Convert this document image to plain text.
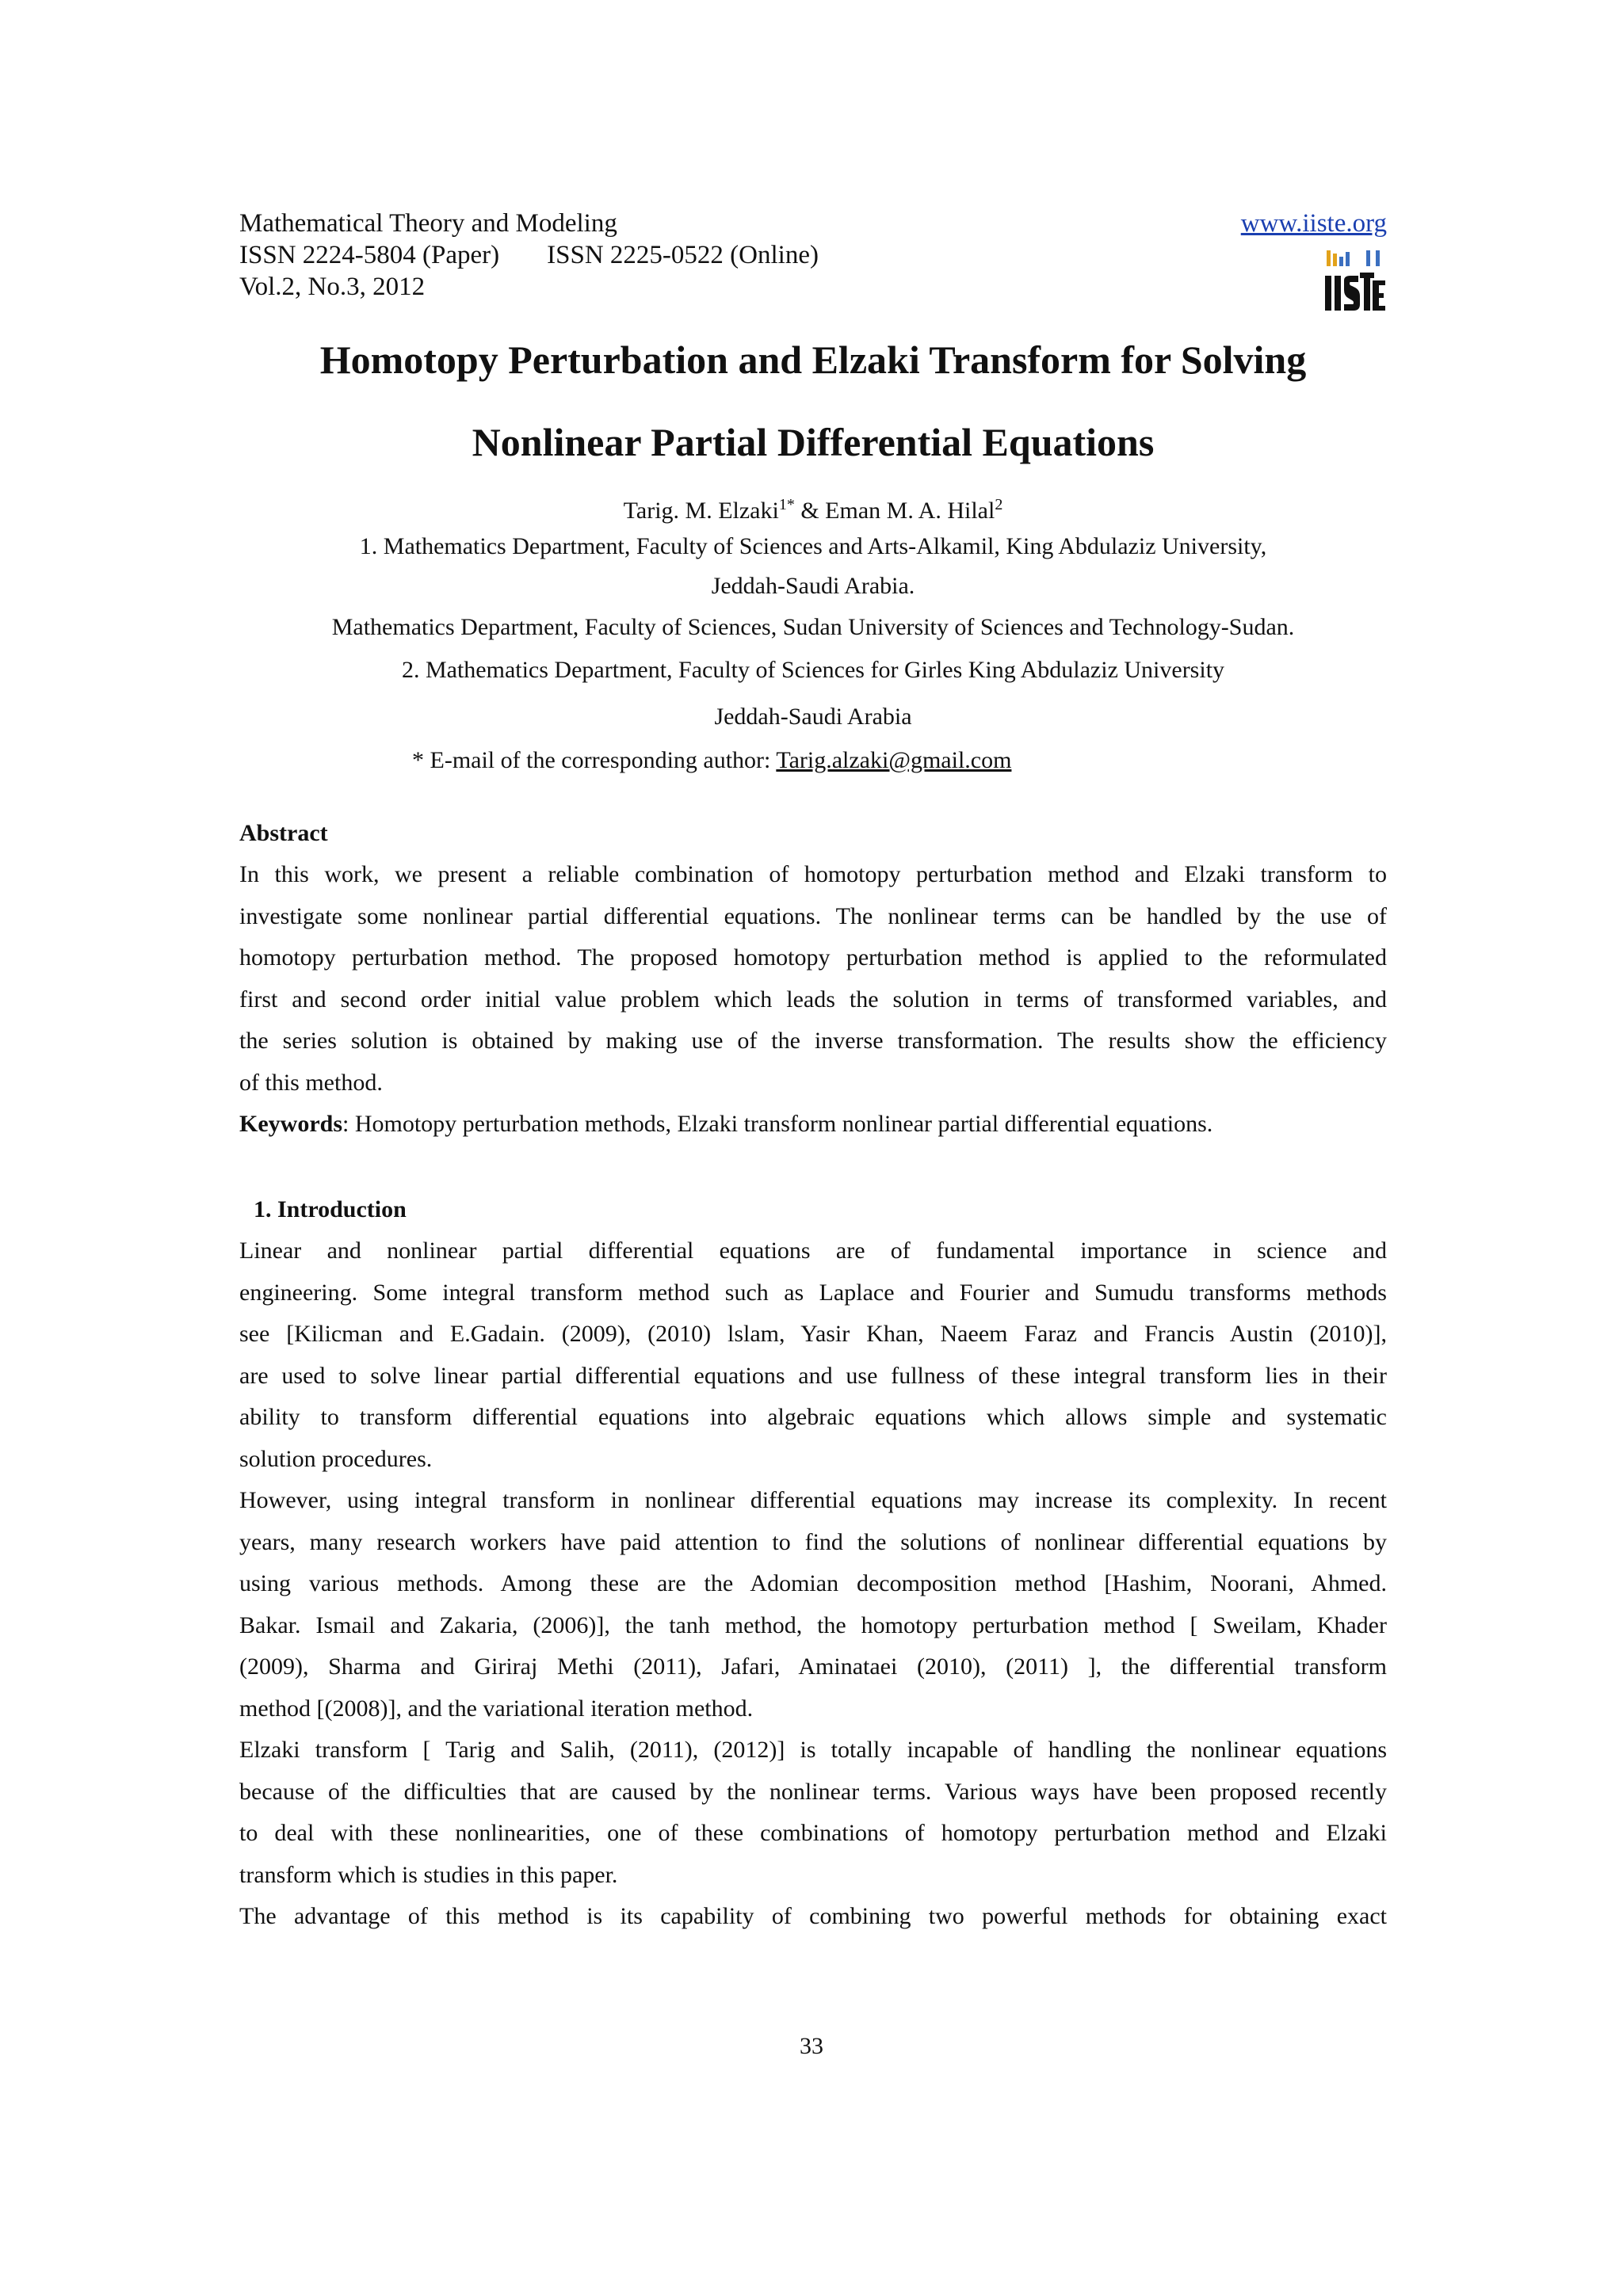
Mathematical Theory and Modeling
ISSN 2224-5804 (Paper) ISSN 2225-0522 (Online)
Vol.2, No.3, 2012
www.iiste.org
Homotopy Perturbation and Elzaki Transform for Solving
Nonlinear Partial Differential Equations
Tarig. M. Elzaki$^{1*}$ & Eman M. A. Hilal$^2$
1. Mathematics Department, Faculty of Sciences and Arts-Alkamil, King Abdulaziz University,
Jeddah-Saudi Arabia.
Mathematics Department, Faculty of Sciences, Sudan University of Sciences and Technology-Sudan.
2. Mathematics Department, Faculty of Sciences for Girles King Abdulaziz University
Jeddah-Saudi Arabia
* E-mail of the corresponding author: Tarig.alzaki@gmail.com
Abstract
In this work, we present a reliable combination of homotopy perturbation method and Elzaki transform to
investigate some nonlinear partial differential equations. The nonlinear terms can be handled by the use of
homotopy perturbation method. The proposed homotopy perturbation method is applied to the reformulated
first and second order initial value problem which leads the solution in terms of transformed variables, and
the series solution is obtained by making use of the inverse transformation. The results show the efficiency
of this method.
Keywords: Homotopy perturbation methods, Elzaki transform nonlinear partial differential equations.
1. Introduction
Linear and nonlinear partial differential equations are of fundamental importance in science and
engineering. Some integral transform method such as Laplace and Fourier and Sumudu transforms methods
see [Kilicman and E.Gadain. (2009), (2010) lslam, Yasir Khan, Naeem Faraz and Francis Austin (2010)],
are used to solve linear partial differential equations and use fullness of these integral transform lies in their
ability to transform differential equations into algebraic equations which allows simple and systematic
solution procedures.
However, using integral transform in nonlinear differential equations may increase its complexity. In recent
years, many research workers have paid attention to find the solutions of nonlinear differential equations by
using various methods. Among these are the Adomian decomposition method [Hashim, Noorani, Ahmed.
Bakar. Ismail and Zakaria, (2006)], the tanh method, the homotopy perturbation method [ Sweilam, Khader
(2009), Sharma and Giriraj Methi (2011), Jafari, Aminataei (2010), (2011) ], the differential transform
method [(2008)], and the variational iteration method.
Elzaki transform [ Tarig and Salih, (2011), (2012)] is totally incapable of handling the nonlinear equations
because of the difficulties that are caused by the nonlinear terms. Various ways have been proposed recently
to deal with these nonlinearities, one of these combinations of homotopy perturbation method and Elzaki
transform which is studies in this paper.
The advantage of this method is its capability of combining two powerful methods for obtaining exact
33
